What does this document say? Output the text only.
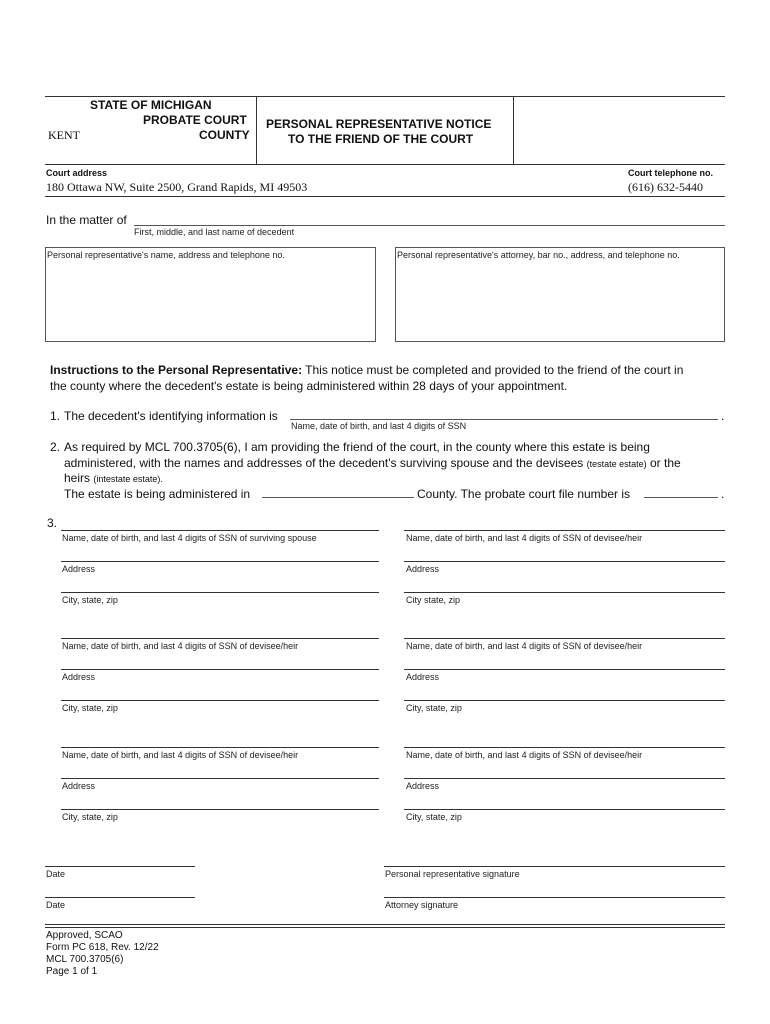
STATE OF MICHIGAN
PROBATE COURT
KENT	COUNTY
PERSONAL REPRESENTATIVE NOTICE
TO THE FRIEND OF THE COURT
Court address
180 Ottawa NW, Suite 2500, Grand Rapids, MI 49503
Court telephone no.
(616) 632-5440
In the matter of
First, middle, and last name of decedent
Personal representative's name, address and telephone no.	Personal representative's attorney, bar no., address, and telephone no.
Instructions to the Personal Representative: This notice must be completed and provided to the friend of the court in
the county where the decedent's estate is being administered within 28 days of your appointment.
1. The decedent's identifying information is	.
Name, date of birth, and last 4 digits of SSN
2. As required by MCL 700.3705(6), I am providing the friend of the court, in the county where this estate is being
administered, with the names and addresses of the decedent's surviving spouse and the devisees (testate estate) or the
heirs (intestate estate).
The estate is being administered in	County. The probate court file number is	.
3.
Name, date of birth, and last 4 digits of SSN of surviving spouse
Address
City, state, zip
Name, date of birth, and last 4 digits of SSN of devisee/heir
Address
City state, zip
Name, date of birth, and last 4 digits of SSN of devisee/heir
Address
City, state, zip
Name, date of birth, and last 4 digits of SSN of devisee/heir
Address
City, state, zip
Name, date of birth, and last 4 digits of SSN of devisee/heir
Address
City, state, zip
Name, date of birth, and last 4 digits of SSN of devisee/heir
Address
City, state, zip
Date	Personal representative signature
Date	Attorney signature
Approved, SCAO
Form PC 618, Rev. 12/22
MCL 700.3705(6)
Page 1 of 1
